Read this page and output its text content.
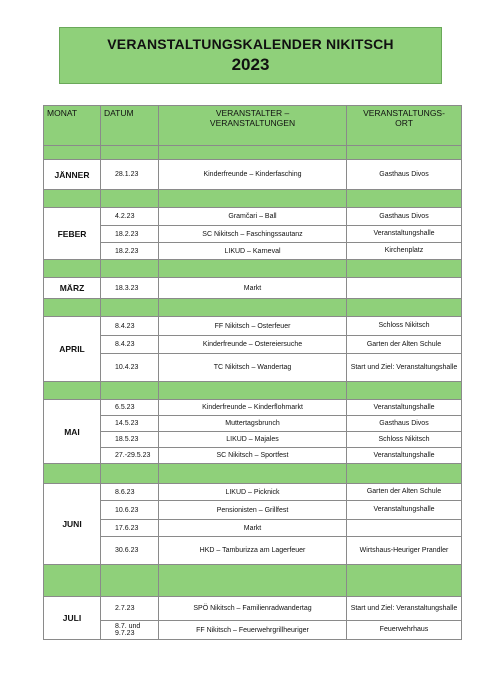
VERANSTALTUNGSKALENDER NIKITSCH
2023
MONAT	DATUM	VERANSTALTER –
VERANSTALTUNGEN	VERANSTALTUNGS-
ORT

JÄNNER	28.1.23	Kinderfreunde – Kinderfasching	Gasthaus Divos

FEBER	4.2.23	Gramčari – Ball	Gasthaus Divos
	18.2.23	SC Nikitsch – Faschingssautanz	Veranstaltungshalle
	18.2.23	LIKUD – Karneval	Kirchenplatz

MÄRZ	18.3.23	Markt	

APRIL	8.4.23	FF Nikitsch – Osterfeuer	Schloss Nikitsch
	8.4.23	Kinderfreunde – Ostereiersuche	Garten der Alten Schule
	10.4.23	TC Nikitsch – Wandertag	Start und Ziel: Veranstaltungshalle

MAI	6.5.23	Kinderfreunde – Kinderflohmarkt	Veranstaltungshalle
	14.5.23	Muttertagsbrunch	Gasthaus Divos
	18.5.23	LIKUD – Majales	Schloss Nikitsch
	27.-29.5.23	SC Nikitsch – Sportfest	Veranstaltungshalle

JUNI	8.6.23	LIKUD – Picknick	Garten der Alten Schule
	10.6.23	Pensionisten – Grillfest	Veranstaltungshalle
	17.6.23	Markt	
	30.6.23	HKD – Tamburizza am Lagerfeuer	Wirtshaus-Heuriger Prandler

JULI	2.7.23	SPÖ Nikitsch – Familienradwandertag	Start und Ziel: Veranstaltungshalle
	8.7. und 9.7.23	FF Nikitsch – Feuerwehrgrillheuriger	Feuerwehrhaus
